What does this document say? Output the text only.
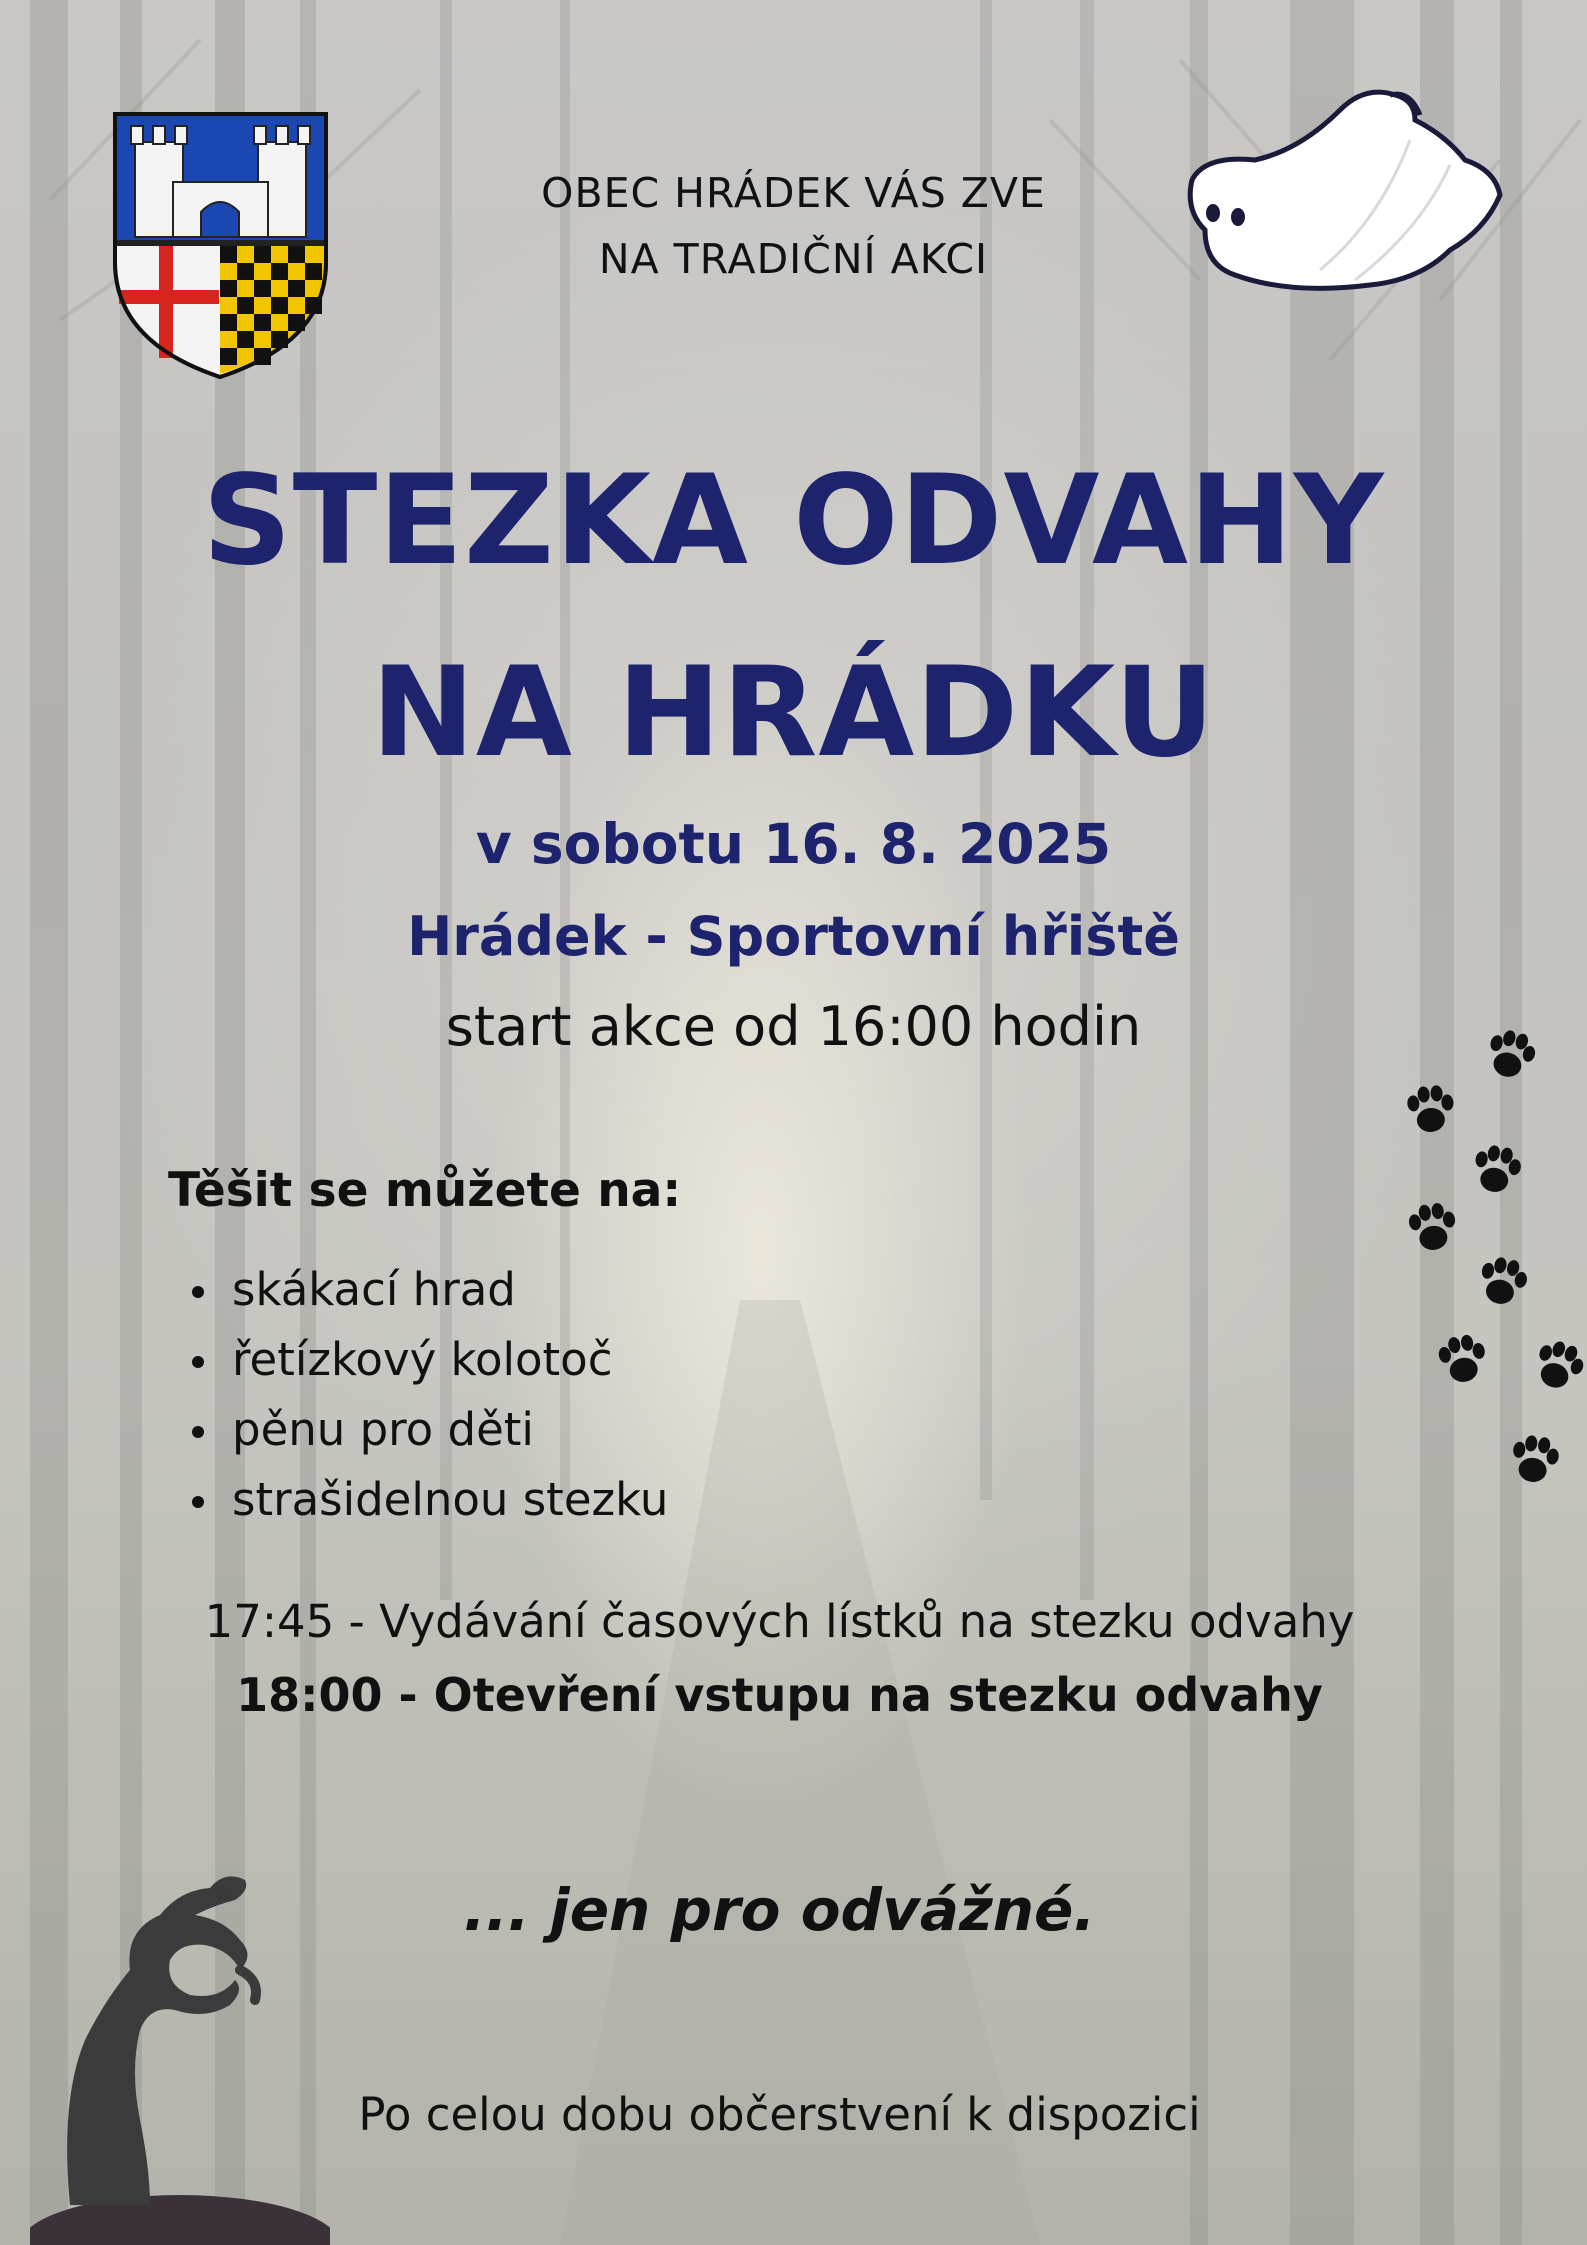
OBEC HRÁDEK VÁS ZVE
NA TRADIČNÍ AKCI
STEZKA ODVAHY
NA HRÁDKU
v sobotu 16. 8. 2025
Hrádek - Sportovní hřiště
start akce od 16:00 hodin
Těšit se můžete na:
skákací hrad
řetízkový kolotoč
pěnu pro děti
strašidelnou stezku
17:45 - Vydávání časových lístků na stezku odvahy
18:00 - Otevření vstupu na stezku odvahy
... jen pro odvážné.
Po celou dobu občerstvení k dispozici
